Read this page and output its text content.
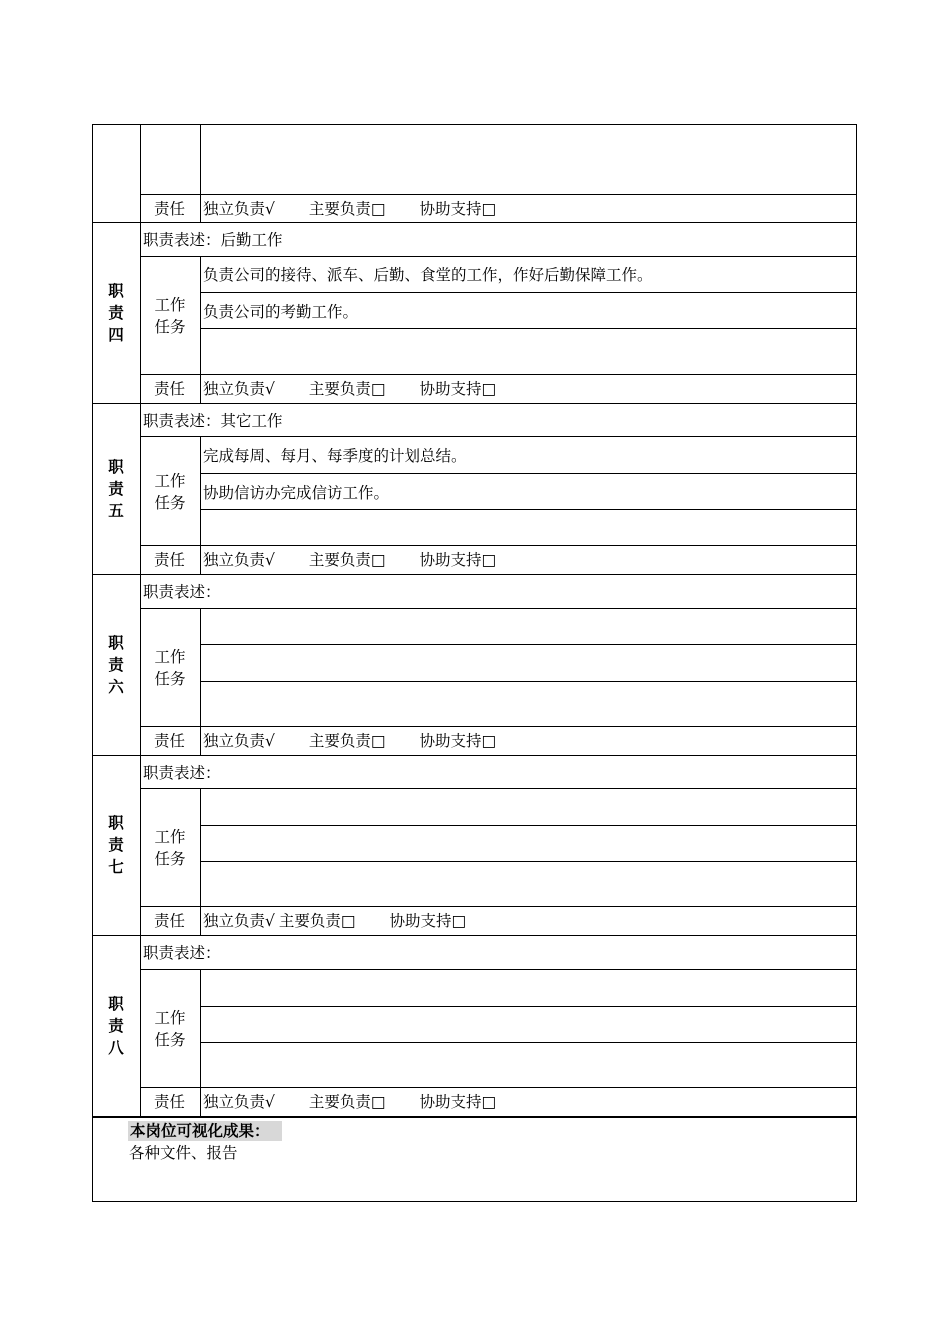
责任 独立负责√ 主要负责□ 协助支持□
职
责
四
职责表述：后勤工作
工作
任务
负责公司的接待、派车、后勤、食堂的工作，作好后勤保障工作。
负责公司的考勤工作。
责任 独立负责√ 主要负责□ 协助支持□
职
责
五
职责表述：其它工作
工作
任务
完成每周、每月、每季度的计划总结。
协助信访办完成信访工作。
责任 独立负责√ 主要负责□ 协助支持□
职
责
六
职责表述：
工作
任务
责任 独立负责√ 主要负责□ 协助支持□
职
责
七
职责表述：
工作
任务
责任 独立负责√ 主要负责□ 协助支持□
职
责
八
职责表述：
工作
任务
责任 独立负责√ 主要负责□ 协助支持□
本岗位可视化成果：
各种文件、报告
